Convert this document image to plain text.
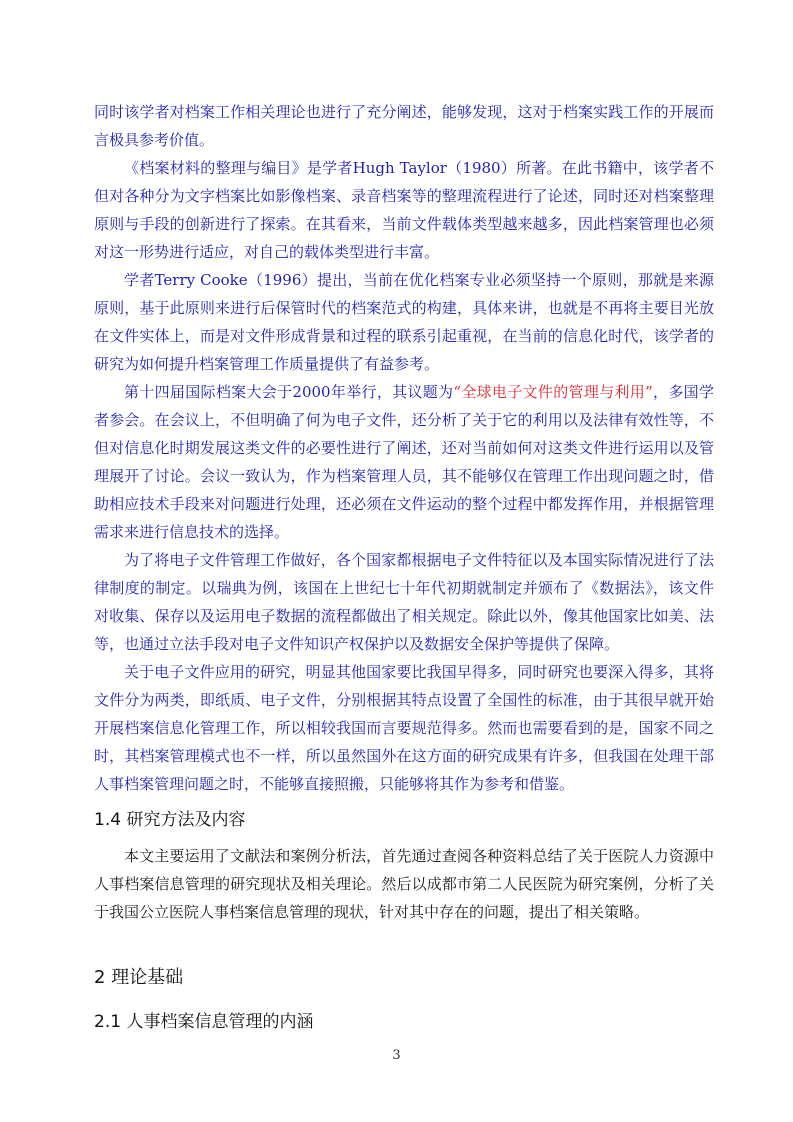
同时该学者对档案工作相关理论也进行了充分阐述，能够发现，这对于档案实践工作的开展而言极具参考价值。

《档案材料的整理与编目》是学者Hugh Taylor（1980）所著。在此书籍中，该学者不但对各种分为文字档案比如影像档案、录音档案等的整理流程进行了论述，同时还对档案整理原则与手段的创新进行了探索。在其看来，当前文件载体类型越来越多，因此档案管理也必须对这一形势进行适应，对自己的载体类型进行丰富。

学者Terry Cooke（1996）提出，当前在优化档案专业必须坚持一个原则，那就是来源原则，基于此原则来进行后保管时代的档案范式的构建，具体来讲，也就是不再将主要目光放在文件实体上，而是对文件形成背景和过程的联系引起重视，在当前的信息化时代，该学者的研究为如何提升档案管理工作质量提供了有益参考。

第十四届国际档案大会于2000年举行，其议题为“全球电子文件的管理与利用”，多国学者参会。在会议上，不但明确了何为电子文件，还分析了关于它的利用以及法律有效性等，不但对信息化时期发展这类文件的必要性进行了阐述，还对当前如何对这类文件进行运用以及管理展开了讨论。会议一致认为，作为档案管理人员，其不能够仅在管理工作出现问题之时，借助相应技术手段来对问题进行处理，还必须在文件运动的整个过程中都发挥作用，并根据管理需求来进行信息技术的选择。

为了将电子文件管理工作做好，各个国家都根据电子文件特征以及本国实际情况进行了法律制度的制定。以瑞典为例，该国在上世纪七十年代初期就制定并颁布了《数据法》，该文件对收集、保存以及运用电子数据的流程都做出了相关规定。除此以外，像其他国家比如美、法等，也通过立法手段对电子文件知识产权保护以及数据安全保护等提供了保障。

关于电子文件应用的研究，明显其他国家要比我国早得多，同时研究也要深入得多，其将文件分为两类，即纸质、电子文件，分别根据其特点设置了全国性的标准，由于其很早就开始开展档案信息化管理工作，所以相较我国而言要规范得多。然而也需要看到的是，国家不同之时，其档案管理模式也不一样，所以虽然国外在这方面的研究成果有许多，但我国在处理干部人事档案管理问题之时，不能够直接照搬，只能够将其作为参考和借鉴。

1.4 研究方法及内容

本文主要运用了文献法和案例分析法，首先通过查阅各种资料总结了关于医院人力资源中人事档案信息管理的研究现状及相关理论。然后以成都市第二人民医院为研究案例，分析了关于我国公立医院人事档案信息管理的现状，针对其中存在的问题，提出了相关策略。

2 理论基础
2.1 人事档案信息管理的内涵
3
